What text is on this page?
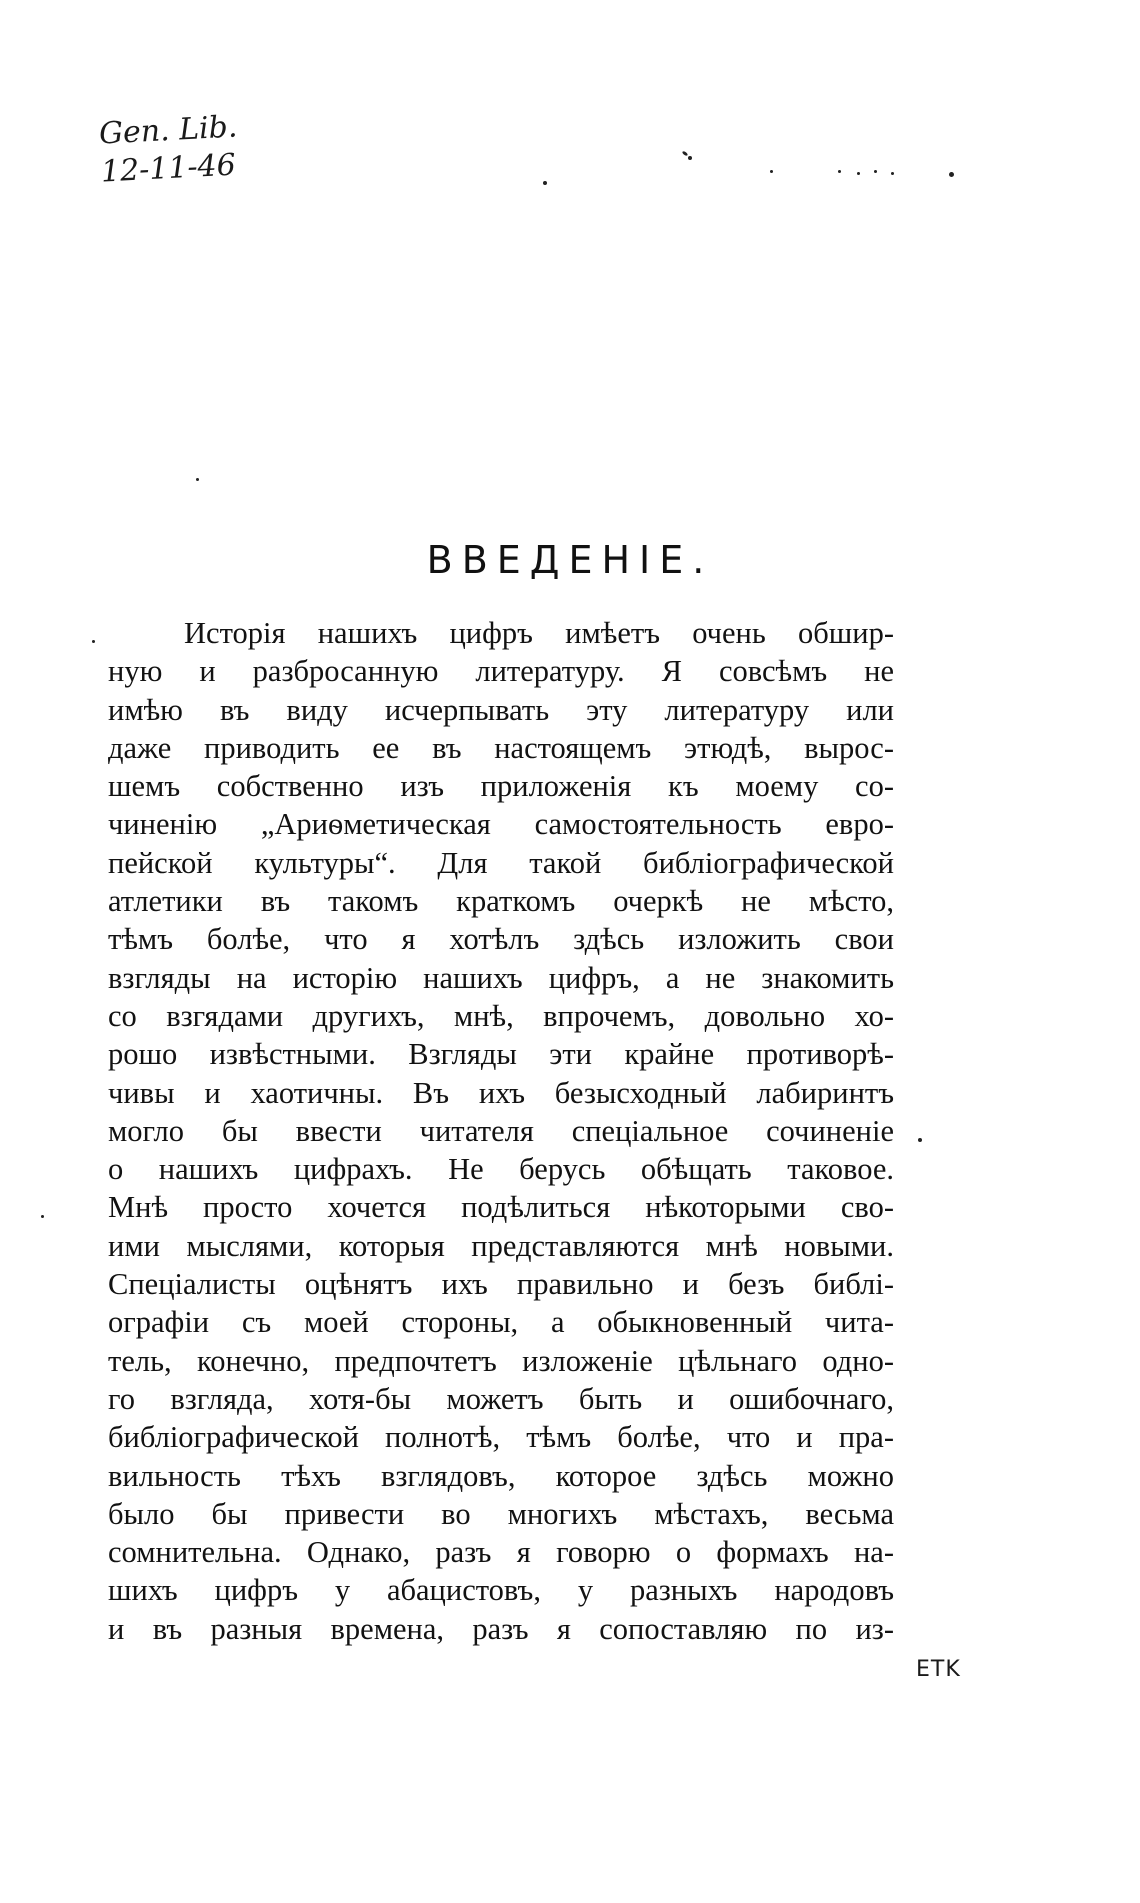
Gen. Lib.
12-11-46
ВВЕДЕНІЕ.
Исторія нашихъ цифръ имѣетъ очень обшир-
ную и разбросанную литературу. Я совсѣмъ не
имѣю въ виду исчерпывать эту литературу или
даже приводить ее въ настоящемъ этюдѣ, вырос-
шемъ собственно изъ приложенія къ моему со-
чиненію „Ариѳметическая самостоятельность евро-
пейской культуры“. Для такой библіографической
атлетики въ такомъ краткомъ очеркѣ не мѣсто,
тѣмъ болѣе, что я хотѣлъ здѣсь изложить свои
взгляды на исторію нашихъ цифръ, а не знакомить
со взгядами другихъ, мнѣ, впрочемъ, довольно хо-
рошо извѣстными. Взгляды эти крайне противорѣ-
чивы и хаотичны. Въ ихъ безысходный лабиринтъ
могло бы ввести читателя спеціальное сочиненіе
о нашихъ цифрахъ. Не берусь обѣщать таковое.
Мнѣ просто хочется подѣлиться нѣкоторыми сво-
ими мыслями, которыя представляются мнѣ новыми.
Спеціалисты оцѣнятъ ихъ правильно и безъ библі-
ографіи съ моей стороны, а обыкновенный чита-
тель, конечно, предпочтетъ изложеніе цѣльнаго одно-
го взгляда, хотя-бы можетъ быть и ошибочнаго,
библіографической полнотѣ, тѣмъ болѣе, что и пра-
вильность тѣхъ взглядовъ, которое здѣсь можно
было бы привести во многихъ мѣстахъ, весьма
сомнительна. Однако, разъ я говорю о формахъ на-
шихъ цифръ у абацистовъ, у разныхъ народовъ
и въ разныя времена, разъ я сопоставляю по из-
ETK
